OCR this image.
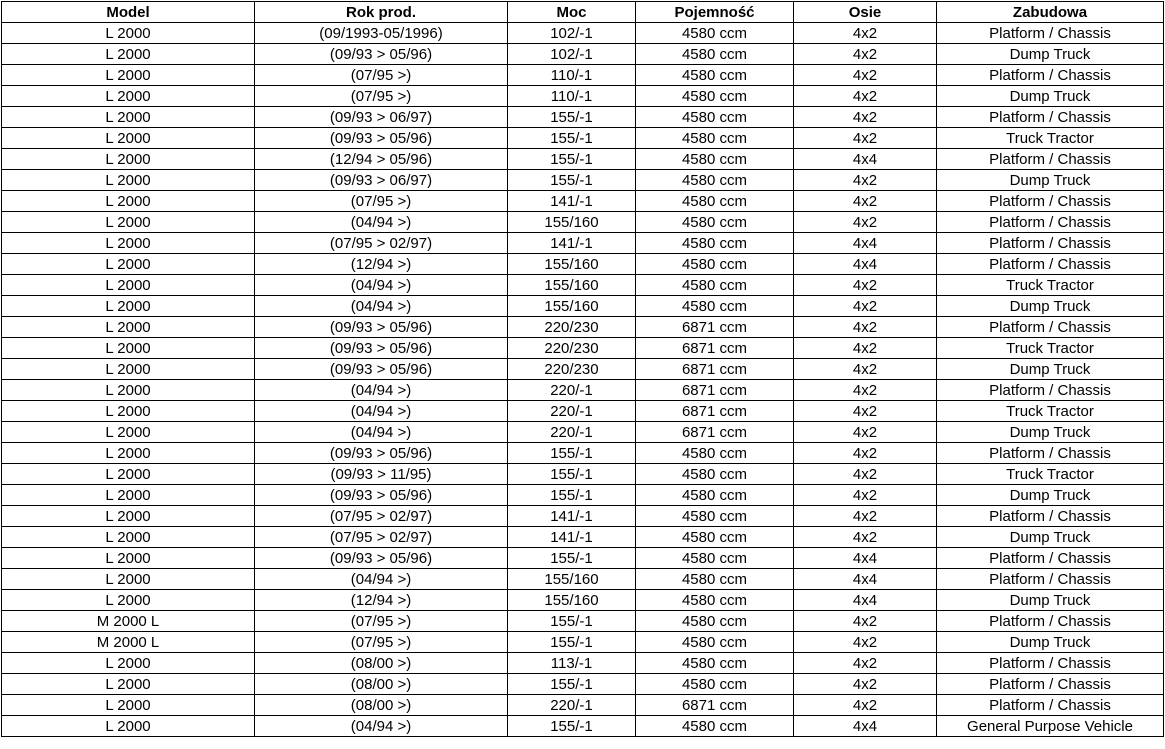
Model	Rok prod.	Moc	Pojemność	Osie	Zabudowa
L 2000	(09/1993-05/1996)	102/-1	4580 ccm	4x2	Platform / Chassis
L 2000	(09/93 > 05/96)	102/-1	4580 ccm	4x2	Dump Truck
L 2000	(07/95 >)	110/-1	4580 ccm	4x2	Platform / Chassis
L 2000	(07/95 >)	110/-1	4580 ccm	4x2	Dump Truck
L 2000	(09/93 > 06/97)	155/-1	4580 ccm	4x2	Platform / Chassis
L 2000	(09/93 > 05/96)	155/-1	4580 ccm	4x2	Truck Tractor
L 2000	(12/94 > 05/96)	155/-1	4580 ccm	4x4	Platform / Chassis
L 2000	(09/93 > 06/97)	155/-1	4580 ccm	4x2	Dump Truck
L 2000	(07/95 >)	141/-1	4580 ccm	4x2	Platform / Chassis
L 2000	(04/94 >)	155/160	4580 ccm	4x2	Platform / Chassis
L 2000	(07/95 > 02/97)	141/-1	4580 ccm	4x4	Platform / Chassis
L 2000	(12/94 >)	155/160	4580 ccm	4x4	Platform / Chassis
L 2000	(04/94 >)	155/160	4580 ccm	4x2	Truck Tractor
L 2000	(04/94 >)	155/160	4580 ccm	4x2	Dump Truck
L 2000	(09/93 > 05/96)	220/230	6871 ccm	4x2	Platform / Chassis
L 2000	(09/93 > 05/96)	220/230	6871 ccm	4x2	Truck Tractor
L 2000	(09/93 > 05/96)	220/230	6871 ccm	4x2	Dump Truck
L 2000	(04/94 >)	220/-1	6871 ccm	4x2	Platform / Chassis
L 2000	(04/94 >)	220/-1	6871 ccm	4x2	Truck Tractor
L 2000	(04/94 >)	220/-1	6871 ccm	4x2	Dump Truck
L 2000	(09/93 > 05/96)	155/-1	4580 ccm	4x2	Platform / Chassis
L 2000	(09/93 > 11/95)	155/-1	4580 ccm	4x2	Truck Tractor
L 2000	(09/93 > 05/96)	155/-1	4580 ccm	4x2	Dump Truck
L 2000	(07/95 > 02/97)	141/-1	4580 ccm	4x2	Platform / Chassis
L 2000	(07/95 > 02/97)	141/-1	4580 ccm	4x2	Dump Truck
L 2000	(09/93 > 05/96)	155/-1	4580 ccm	4x4	Platform / Chassis
L 2000	(04/94 >)	155/160	4580 ccm	4x4	Platform / Chassis
L 2000	(12/94 >)	155/160	4580 ccm	4x4	Dump Truck
M 2000 L	(07/95 >)	155/-1	4580 ccm	4x2	Platform / Chassis
M 2000 L	(07/95 >)	155/-1	4580 ccm	4x2	Dump Truck
L 2000	(08/00 >)	113/-1	4580 ccm	4x2	Platform / Chassis
L 2000	(08/00 >)	155/-1	4580 ccm	4x2	Platform / Chassis
L 2000	(08/00 >)	220/-1	6871 ccm	4x2	Platform / Chassis
L 2000	(04/94 >)	155/-1	4580 ccm	4x4	General Purpose Vehicle
